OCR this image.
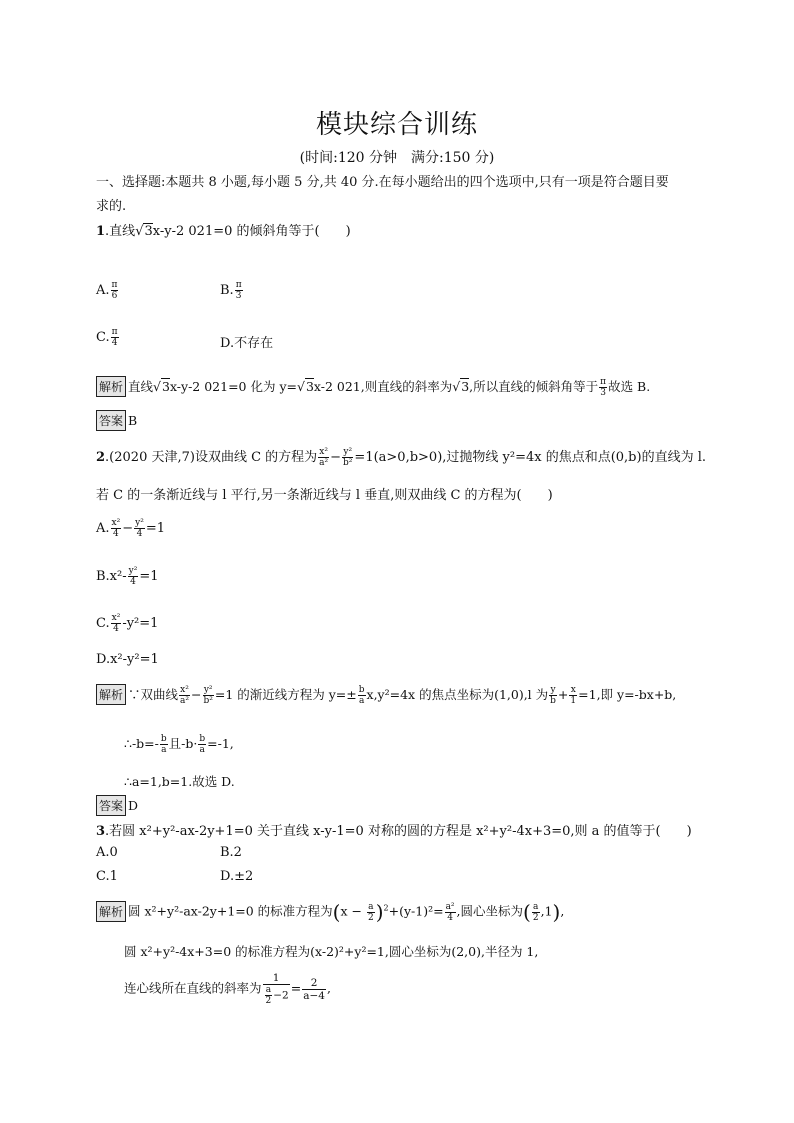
模块综合训练
(时间:120 分钟　满分:150 分)
一、选择题:本题共 8 小题,每小题 5 分,共 40 分.在每小题给出的四个选项中,只有一项是符合题目要
求的.
1.直线√3x-y-2 021=0 的倾斜角等于(　　)
A. $\frac{\pi}{6}$	B. $\frac{\pi}{3}$
C. $\frac{\pi}{4}$	D.不存在
解析 直线√3x-y-2 021=0 化为 y=√3x-2 021,则直线的斜率为√3,所以直线的倾斜角等于 $\frac{\pi}{3}$ 故选 B.
答案 B
2.(2020 天津,7)设双曲线 C 的方程为 $\frac{\text{x²}}{\text{a²}} - \frac{\text{y²}}{\text{b²}} =1(a>0,b>0)$,过抛物线 y²=4x 的焦点和点(0,b)的直线为 l.
若 C 的一条渐近线与 l 平行,另一条渐近线与 l 垂直,则双曲线 C 的方程为(　　)
A. $\frac{\text{x²}}{4} - \frac{\text{y²}}{4} =1$
$B.x^2- \frac{\text{y²}}{4} =1$
C. $\frac{\text{x²}}{4} -y^2=1$
D.x²-y²=1
解析 ∵双曲线 $\frac{\text{x²}}{\text{a²}} - \frac{\text{y²}}{\text{b²}} =1$ 的渐近线方程为 $y=\pm \frac{b}{a} x,y^2=4x$ 的焦点坐标为(1,0),l 为 $\frac{y}{b} + \frac{x}{1} =1$,即 y=-bx+b,
∴-b=- $\frac{b}{a}$ 且$-b\cdot \frac{b}{a} =-1$,
∴a=1,b=1.故选 D.
答案 D
3.若圆 x²+y²-ax-2y+1=0 关于直线 x-y-1=0 对称的圆的方程是 x²+y²-4x+3=0,则 a 的值等于(　　)
A.0	B.2
C.1	D.±2
解析 圆 x²+y²-ax-2y+1=0 的标准方程为$(x - \frac{a}{2} )^2+(y-1)^2= \frac{\text{a²}}{4}$ ,圆心坐标为( $\frac{a}{2} ,1$),
圆 x²+y²-4x+3=0 的标准方程为(x-2)²+y²=1,圆心坐标为(2,0),半径为 1,
连心线所在直线的斜率为 $\frac{1}{\frac{a}{2} -2} = \frac{2}{a-4}$ ,
